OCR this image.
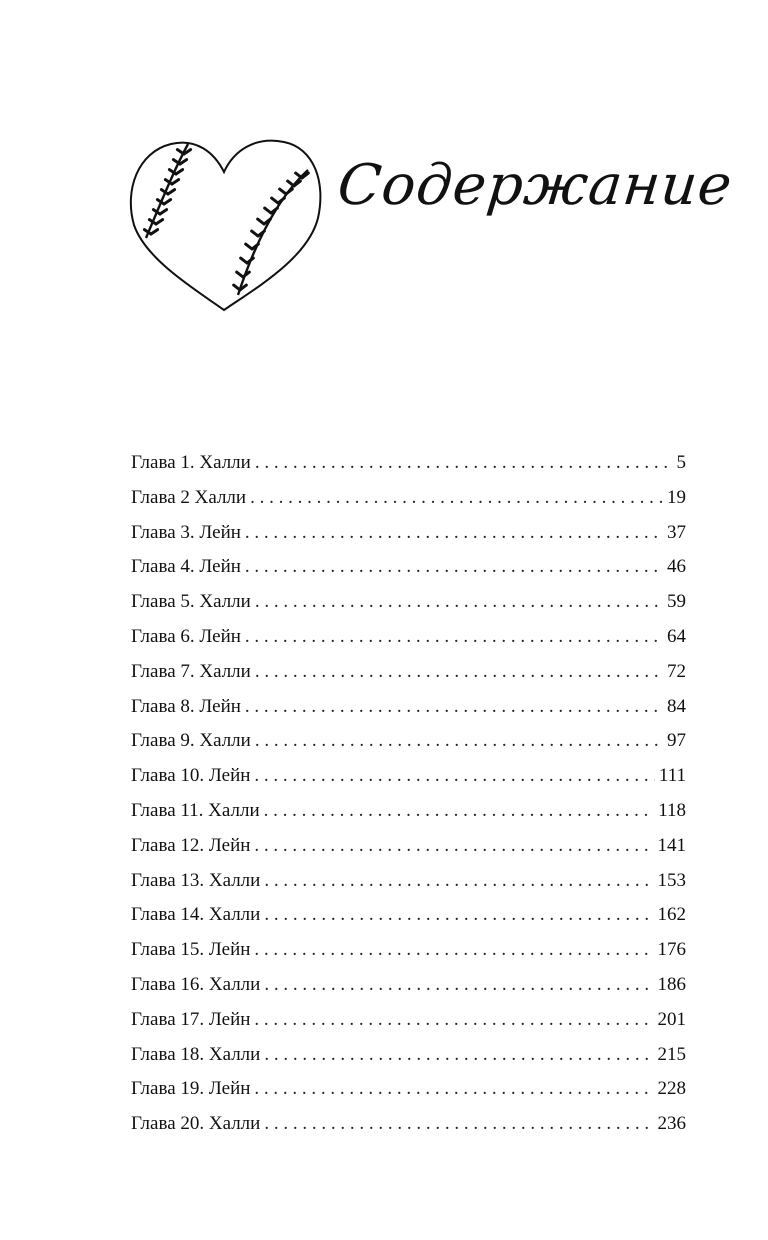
Содержание
Глава 1. Халли . . .	5
Глава 2 Халли . . .	19
Глава 3. Лейн . . .	37
Глава 4. Лейн . . .	46
Глава 5. Халли . . .	59
Глава 6. Лейн . . .	64
Глава 7. Халли . . .	72
Глава 8. Лейн . . .	84
Глава 9. Халли . . .	97
Глава 10. Лейн . . .	111
Глава 11. Халли . . .	118
Глава 12. Лейн . . .	141
Глава 13. Халли . . .	153
Глава 14. Халли . . .	162
Глава 15. Лейн . . .	176
Глава 16. Халли . . .	186
Глава 17. Лейн . . .	201
Глава 18. Халли . . .	215
Глава 19. Лейн . . .	228
Глава 20. Халли . . .	236
